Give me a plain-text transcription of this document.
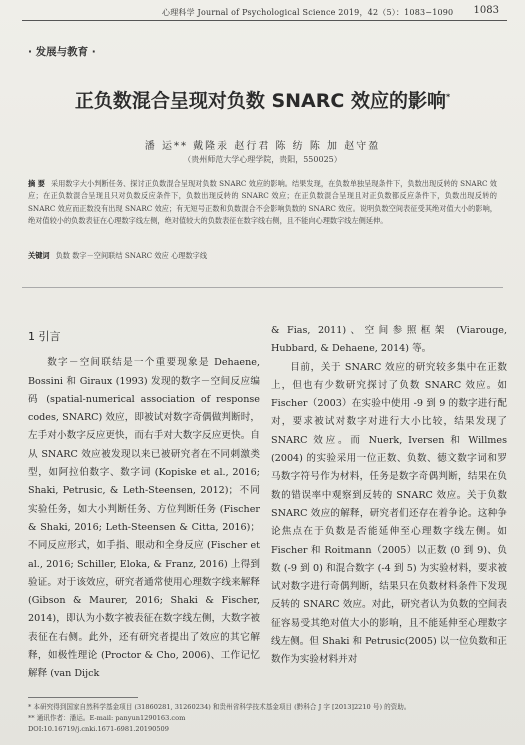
心理科学 Journal of Psychological Science 2019，42（5）：1083−1090 1083
· 发展与教育 ·
正负数混合呈现对负数 SNARC 效应的影响*
潘 运** 戴隆汞 赵行君 陈 纺 陈 加 赵守盈
（贵州师范大学心理学院，贵阳，550025）
摘 要 采用数字大小判断任务、探讨正负数混合呈现对负数 SNARC 效应的影响。结果发现，在负数单独呈现条件下，负数出现反转的 SNARC 效应；在正负数混合呈现且只对负数反应条件下，负数出现反转的 SNARC 效应；在正负数混合呈现且对正负数都反应条件下，负数出现反转的 SNARC 效应而正数没有出现 SNARC 效应；有无短号正数和负数混合不会影响负数的 SNARC 效应。说明负数空间表征受其绝对值大小的影响，绝对值较小的负数表征在心理数字线左侧，绝对值较大的负数表征在数字线右侧，且不能向心理数字线左侧延伸。
关键词 负数 数字－空间联结 SNARC 效应 心理数字线
1 引言

数字－空间联结是一个重要现象是 Dehaene, Bossini 和 Giraux (1993) 发现的数字－空间反应编 码 (spatial-numerical association of response codes, SNARC) 效应，即被试对数字奇偶做判断时，左手对小数字反应更快，而右手对大数字反应更快。自从 SNARC 效应被发现以来已被研究者在不同刺激类型，如阿拉伯数字、数字词 (Kopiske et al., 2016; Shaki, Petrusic, & Leth-Steensen, 2012)；不同实验任务，如大小判断任务、方位判断任务 (Fischer & Shaki, 2016; Leth-Steensen & Citta, 2016)；不同反应形式，如手指、眼动和全身反应 (Fischer et al., 2016; Schiller, Eloka, & Franz, 2016) 上得到验证。对于该效应，研究者通常使用心理数字线来解释 (Gibson & Maurer, 2016; Shaki & Fischer, 2014)，即认为小数字被表征在数字线左侧，大数字被表征在右侧。此外，还有研究者提出了效应的其它解释，如极性理论 (Proctor & Cho, 2006)、工作记忆解释 (van Dijck

& Fias, 2011)、空间参照框架 (Viarouge, Hubbard, & Dehaene, 2014) 等。

目前，关于 SNARC 效应的研究较多集中在正数上，但也有少数研究探讨了负数 SNARC 效应。如 Fischer（2003）在实验中使用 -9 到 9 的数字进行配对，要求被试对数字对进行大小比较，结果发现了 SNARC 效应。而 Nuerk, Iversen 和 Willmes (2004) 的实验采用一位正数、负数、德文数字词和罗马数字符号作为材料，任务是数字奇偶判断，结果在负数的错误率中观察到反转的 SNARC 效应。关于负数 SNARC 效应的解释，研究者们还存在着争论。这种争论焦点在于负数是否能延伸至心理数字线左侧。如 Fischer 和 Roitmann（2005）以正数 (0 到 9)、负数 (-9 到 0) 和混合数字 (-4 到 5) 为实验材料，要求被试对数字进行奇偶判断，结果只在负数材料条件下发现反转的 SNARC 效应。对此，研究者认为负数的空间表征容易受其绝对值大小的影响，且不能延伸至心理数字线左侧。但 Shaki 和 Petrusic(2005) 以一位负数和正数作为实验材料并对

* 本研究得到国家自然科学基金项目 (31860281, 31260234) 和贵州省科学技术基金项目 (黔科合 J 字 [2013]2210 号) 的资助。
** 通讯作者：潘运。E-mail: panyun1290163.com
DOI:10.16719/j.cnki.1671-6981.20190509
